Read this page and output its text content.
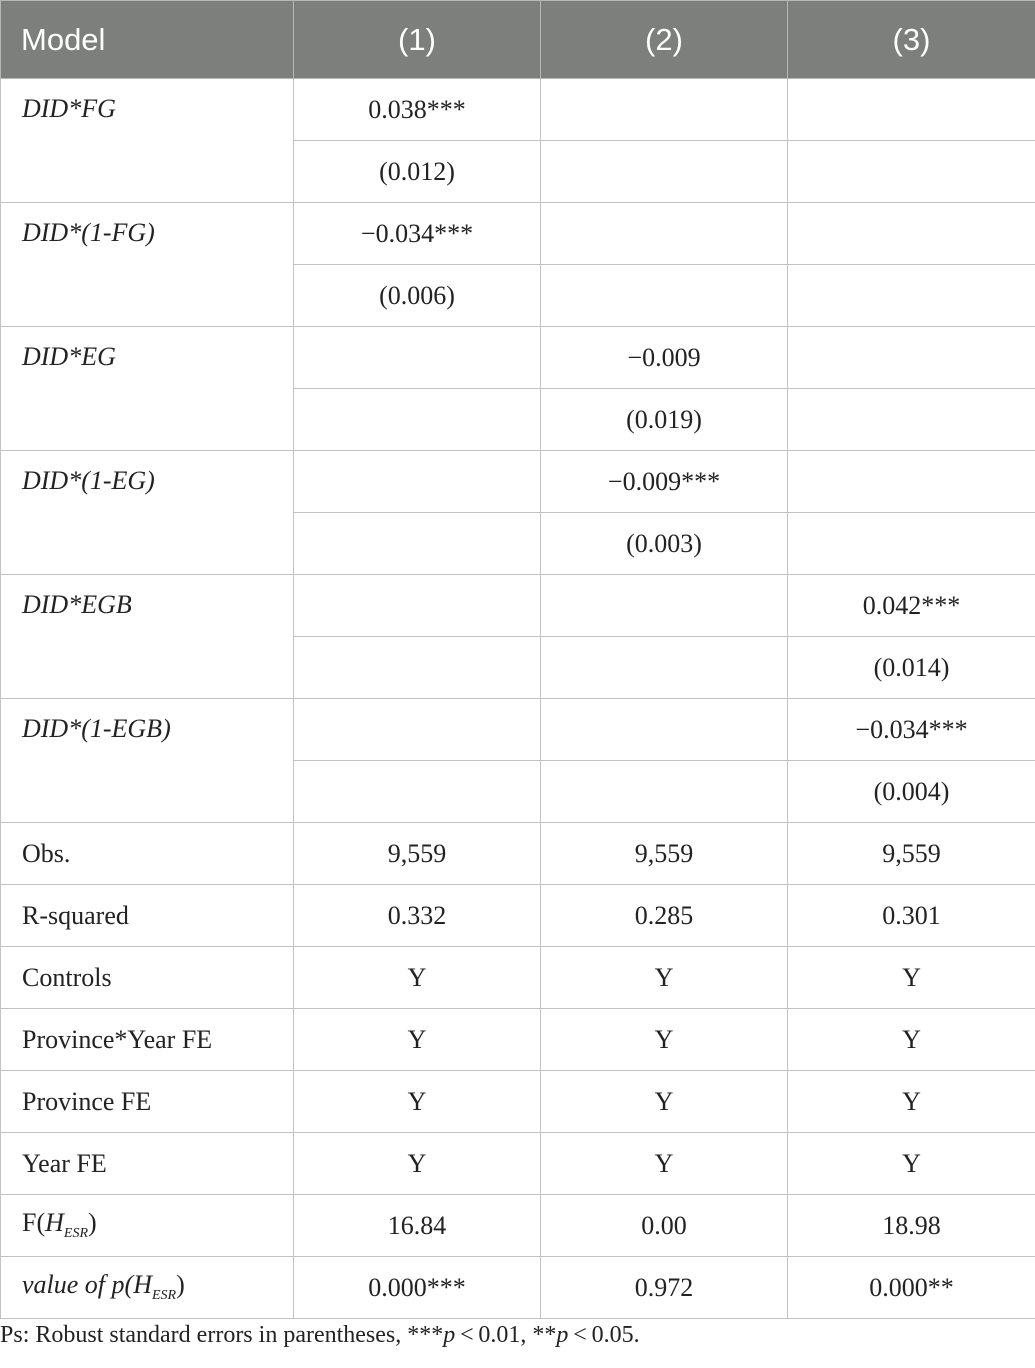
Model	(1)	(2)	(3)
DID*FG	0.038***		
	(0.012)		
DID*(1-FG)	−0.034***		
	(0.006)		
DID*EG		−0.009	
		(0.019)	
DID*(1-EG)		−0.009***	
		(0.003)	
DID*EGB			0.042***
			(0.014)
DID*(1-EGB)			−0.034***
			(0.004)
Obs.	9,559	9,559	9,559
R-squared	0.332	0.285	0.301
Controls	Y	Y	Y
Province*Year FE	Y	Y	Y
Province FE	Y	Y	Y
Year FE	Y	Y	Y
$F(H_{ESR})$	16.84	0.00	18.98
value of $p(H_{ESR})$	0.000***	0.972	0.000**
Ps: Robust standard errors in parentheses, ***p < 0.01, **p < 0.05.
